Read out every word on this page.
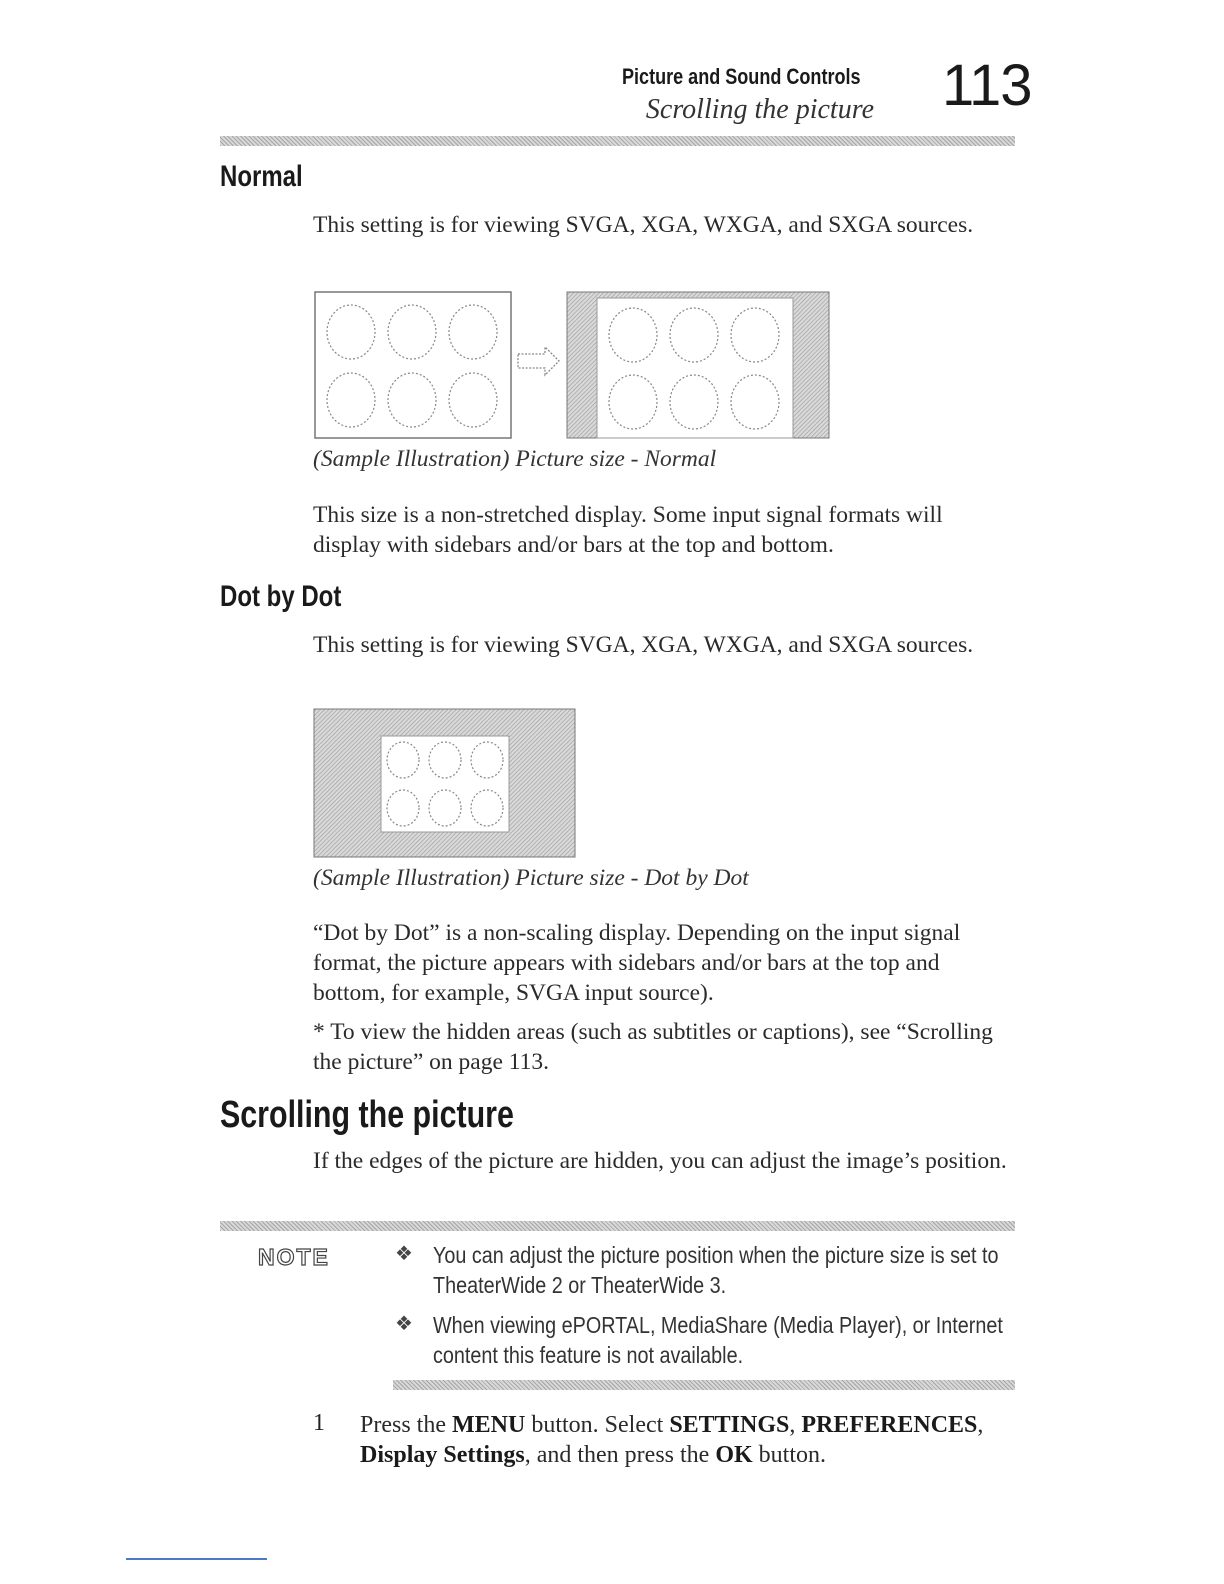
Picture and Sound Controls
Scrolling the picture 113
Normal
This setting is for viewing SVGA, XGA, WXGA, and SXGA sources.
(Sample Illustration) Picture size - Normal
This size is a non-stretched display. Some input signal formats will display with sidebars and/or bars at the top and bottom.
Dot by Dot
This setting is for viewing SVGA, XGA, WXGA, and SXGA sources.
(Sample Illustration) Picture size - Dot by Dot
“Dot by Dot” is a non-scaling display. Depending on the input signal format, the picture appears with sidebars and/or bars at the top and bottom, for example, SVGA input source).
* To view the hidden areas (such as subtitles or captions), see “Scrolling the picture” on page 113.
Scrolling the picture
If the edges of the picture are hidden, you can adjust the image’s position.
NOTE	❖ You can adjust the picture position when the picture size is set to TheaterWide 2 or TheaterWide 3.
❖ When viewing ePORTAL, MediaShare (Media Player), or Internet content this feature is not available.
1 Press the MENU button. Select SETTINGS, PREFERENCES, Display Settings, and then press the OK button.
